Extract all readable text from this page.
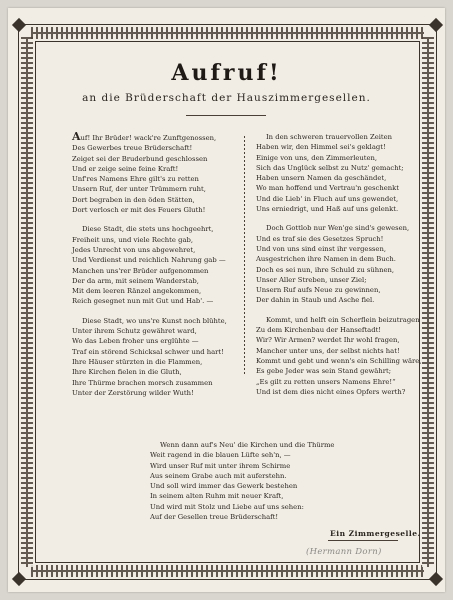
Aufruf!
an die Brüderschaft der Hauszimmergesellen.
Auf! Ihr Brüder! wack're Zunftgenossen,
Des Gewerbes treue Brüderschaft!
Zeiget sei der Bruderbund geschlossen
Und er zeige seine feine Kraft!
Unf'res Namens Ehre gilt's zu retten
Unsern Ruf, der unter Trümmern ruht,
Dort begraben in den öden Stätten,
Dort verlosch er mit des Feuers Gluth!
Diese Stadt, die stets uns hochgeehrt,
Freiheit uns, und viele Rechte gab,
Jedes Unrecht von uns abgewehret,
Und Verdienst und reichlich Nahrung gab —
Manchen uns'rer Brüder aufgenommen
Der da arm, mit seinem Wanderstab,
Mit dem leeren Ränzel angekommen,
Reich gesegnet nun mit Gut und Hab'. —
Diese Stadt, wo uns're Kunst noch blühte,
Unter ihrem Schutz gewähret ward,
Wo das Leben froher uns erglühte —
Traf ein störend Schicksal schwer und hart!
Ihre Häuser stürzten in die Flammen,
Ihre Kirchen fielen in die Gluth,
Ihre Thürme brachen morsch zusammen
Unter der Zerstörung wilder Wuth!
In den schweren trauervollen Zeiten
Haben wir, den Himmel sei's geklagt!
Einige von uns, den Zimmerleuten,
Sich das Unglück selbst zu Nutz' gemacht;
Haben unsern Namen da geschändet,
Wo man hoffend und Vertrau'n geschenkt
Und die Lieb' in Fluch auf uns gewendet,
Uns erniedrigt, und Haß auf uns gelenkt.
Doch Gottlob nur Wen'ge sind's gewesen,
Und es traf sie des Gesetzes Spruch!
Und von uns sind einst ihr vergessen,
Ausgestrichen ihre Namen in dem Buch.
Doch es sei nun, ihre Schuld zu sühnen,
Unser Aller Streben, unser Ziel;
Unsern Ruf aufs Neue zu gewinnen,
Der dahin in Staub und Asche fiel.
Kommt, und helft ein Scherflein beizutragen
Zu dem Kirchenbau der Hanseftadt!
Wir? Wir Armen? werdet Ihr wohl fragen,
Mancher unter uns, der selbst nichts hat!
Kommt und gebt und wenn's ein Schilling wäre,
Es gebe Jeder was sein Stand gewährt;
„Es gilt zu retten unsers Namens Ehre!“
Und ist dem dies nicht eines Opfers werth?
Wenn dann auf's Neu' die Kirchen und die Thürme
Weit ragend in die blauen Lüfte seh'n, —
Wird unser Ruf mit unter ihrem Schirme
Aus seinem Grabe auch mit auferstehn.
Und soll wird immer das Gewerk bestehen
In seinem alten Ruhm mit neuer Kraft,
Und wird mit Stolz und Liebe auf uns sehen:
Auf der Gesellen treue Brüderschaft!
Ein Zimmergeselle.
(Hermann Dorn)
